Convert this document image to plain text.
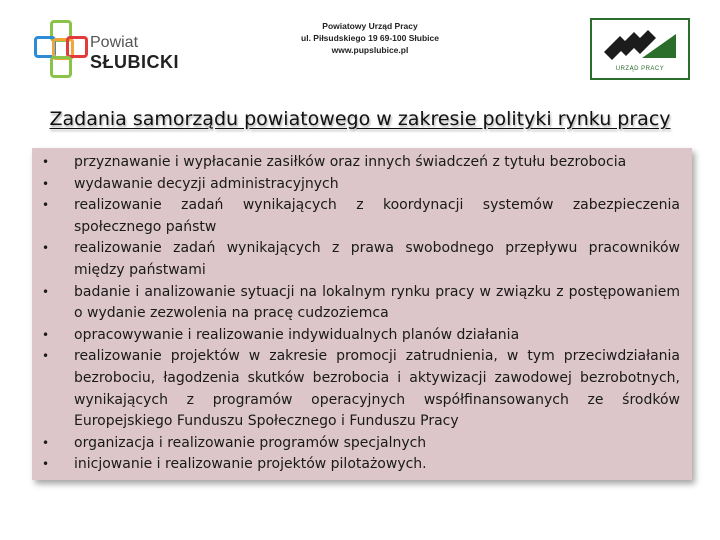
Powiat
SŁUBICKI
Powiatowy Urząd Pracy
ul. Piłsudskiego 19 69-100 Słubice
www.pupslubice.pl
URZĄD PRACY
Zadania samorządu powiatowego w zakresie polityki rynku pracy
• przyznawanie i wypłacanie zasiłków oraz innych świadczeń z tytułu bezrobocia
• wydawanie decyzji administracyjnych
• realizowanie zadań wynikających z koordynacji systemów zabezpieczenia społecznego państw
• realizowanie zadań wynikających z prawa swobodnego przepływu pracowników między państwami
• badanie i analizowanie sytuacji na lokalnym rynku pracy w związku z postępowaniem o wydanie zezwolenia na pracę cudzoziemca
• opracowywanie i realizowanie indywidualnych planów działania
• realizowanie projektów w zakresie promocji zatrudnienia, w tym przeciwdziałania bezrobociu, łagodzenia skutków bezrobocia i aktywizacji zawodowej bezrobotnych, wynikających z programów operacyjnych współfinansowanych ze środków Europejskiego Funduszu Społecznego i Funduszu Pracy
• organizacja i realizowanie programów specjalnych
• inicjowanie i realizowanie projektów pilotażowych.
